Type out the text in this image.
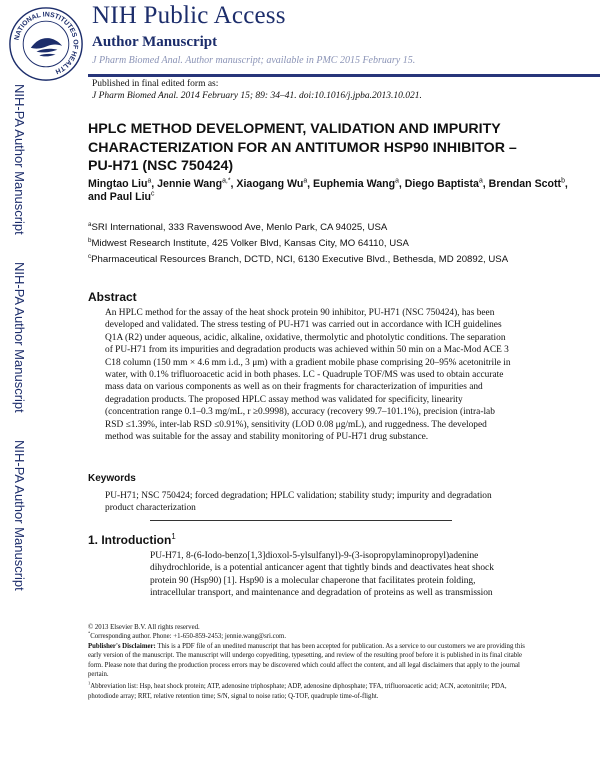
NATIONAL INSTITUTES OF HEALTH
NIH Public Access
Author Manuscript
J Pharm Biomed Anal. Author manuscript; available in PMC 2015 February 15.
Published in final edited form as:
J Pharm Biomed Anal. 2014 February 15; 89: 34–41. doi:10.1016/j.jpba.2013.10.021.
NIH-PA Author Manuscript
NIH-PA Author Manuscript
NIH-PA Author Manuscript
HPLC METHOD DEVELOPMENT, VALIDATION AND IMPURITY CHARACTERIZATION FOR AN ANTITUMOR HSP90 INHIBITOR – PU-H71 (NSC 750424)
Mingtao Liu$^a$, Jennie Wang$^{a,*}$, Xiaogang Wu$^a$, Euphemia Wang$^a$, Diego Baptista$^a$, Brendan Scott$^b$, and Paul Liu$^c$
$^a$SRI International, 333 Ravenswood Ave, Menlo Park, CA 94025, USA
$^b$Midwest Research Institute, 425 Volker Blvd, Kansas City, MO 64110, USA
$^c$Pharmaceutical Resources Branch, DCTD, NCI, 6130 Executive Blvd., Bethesda, MD 20892, USA
Abstract
An HPLC method for the assay of the heat shock protein 90 inhibitor, PU-H71 (NSC 750424), has been developed and validated. The stress testing of PU-H71 was carried out in accordance with ICH guidelines Q1A (R2) under aqueous, acidic, alkaline, oxidative, thermolytic and photolytic conditions. The separation of PU-H71 from its impurities and degradation products was achieved within 50 min on a Mac-Mod ACE 3 C18 column (150 mm × 4.6 mm i.d., 3 μm) with a gradient mobile phase comprising 20–95% acetonitrile in water, with 0.1% trifluoroacetic acid in both phases. LC - Quadruple TOF/MS was used to obtain accurate mass data on various components as well as on their fragments for characterization of impurities and degradation products. The proposed HPLC assay method was validated for specificity, linearity (concentration range 0.1–0.3 mg/mL, r ≥0.9998), accuracy (recovery 99.7–101.1%), precision (intra-lab RSD ≤1.39%, inter-lab RSD ≤0.91%), sensitivity (LOD 0.08 μg/mL), and ruggedness. The developed method was suitable for the assay and stability monitoring of PU-H71 drug substance.
Keywords
PU-H71; NSC 750424; forced degradation; HPLC validation; stability study; impurity and degradation product characterization
1. Introduction$^1$
PU-H71, 8-(6-Iodo-benzo[1,3]dioxol-5-ylsulfanyl)-9-(3-isopropylaminopropyl)adenine dihydrochloride, is a potential anticancer agent that tightly binds and deactivates heat shock protein 90 (Hsp90) [1]. Hsp90 is a molecular chaperone that facilitates protein folding, intracellular transport, and maintenance and degradation of proteins as well as transmission

© 2013 Elsevier B.V. All rights reserved.

*Corresponding author. Phone: +1-650-859-2453; jennie.wang@sri.com.

Publisher's Disclaimer: This is a PDF file of an unedited manuscript that has been accepted for publication. As a service to our customers we are providing this early version of the manuscript. The manuscript will undergo copyediting, typesetting, and review of the resulting proof before it is published in its final citable form. Please note that during the production process errors may be discovered which could affect the content, and all legal disclaimers that apply to the journal pertain.

$^1$Abbreviation list: Hsp, heat shock protein; ATP, adenosine triphosphate; ADP, adenosine diphosphate; TFA, trifluoroacetic acid; ACN, acetonitrile; PDA, photodiode array; RRT, relative retention time; S/N, signal to noise ratio; Q-TOF, quadruple time-of-flight.
